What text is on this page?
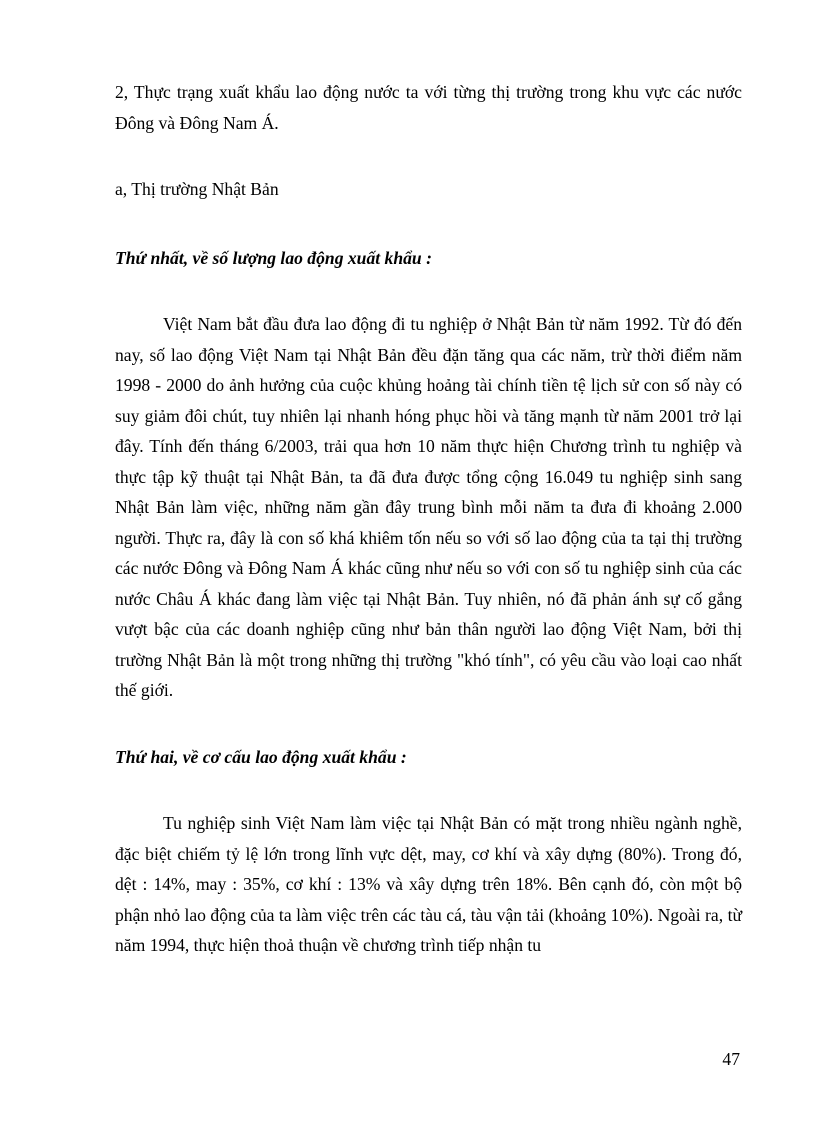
2, Thực trạng xuất khẩu lao động nước ta với từng thị trường trong khu vực các nước Đông và Đông Nam Á.

a, Thị trường Nhật Bản

Thứ nhất, về số lượng lao động xuất khẩu :

Việt Nam bắt đầu đưa lao động đi tu nghiệp ở Nhật Bản từ năm 1992. Từ đó đến nay, số lao động Việt Nam tại Nhật Bản đều đặn tăng qua các năm, trừ thời điểm năm 1998 - 2000 do ảnh hưởng của cuộc khủng hoảng tài chính tiền tệ lịch sử con số này có suy giảm đôi chút, tuy nhiên lại nhanh hóng phục hồi và tăng mạnh từ năm 2001 trở lại đây. Tính đến tháng 6/2003, trải qua hơn 10 năm thực hiện Chương trình tu nghiệp và thực tập kỹ thuật tại Nhật Bản, ta đã đưa được tổng cộng 16.049 tu nghiệp sinh sang Nhật Bản làm việc, những năm gần đây trung bình mỗi năm ta đưa đi khoảng 2.000 người. Thực ra, đây là con số khá khiêm tốn nếu so với số lao động của ta tại thị trường các nước Đông và Đông Nam Á khác cũng như nếu so với con số tu nghiệp sinh của các nước Châu Á khác đang làm việc tại Nhật Bản. Tuy nhiên, nó đã phản ánh sự cố gắng vượt bậc của các doanh nghiệp cũng như bản thân người lao động Việt Nam, bởi thị trường Nhật Bản là một trong những thị trường "khó tính", có yêu cầu vào loại cao nhất thế giới.

Thứ hai, về cơ cấu lao động xuất khẩu :

Tu nghiệp sinh Việt Nam làm việc tại Nhật Bản có mặt trong nhiều ngành nghề, đặc biệt chiếm tỷ lệ lớn trong lĩnh vực dệt, may, cơ khí và xây dựng (80%). Trong đó, dệt : 14%, may : 35%, cơ khí : 13% và xây dựng trên 18%. Bên cạnh đó, còn một bộ phận nhỏ lao động của ta làm việc trên các tàu cá, tàu vận tải (khoảng 10%). Ngoài ra, từ năm 1994, thực hiện thoả thuận về chương trình tiếp nhận tu

47
